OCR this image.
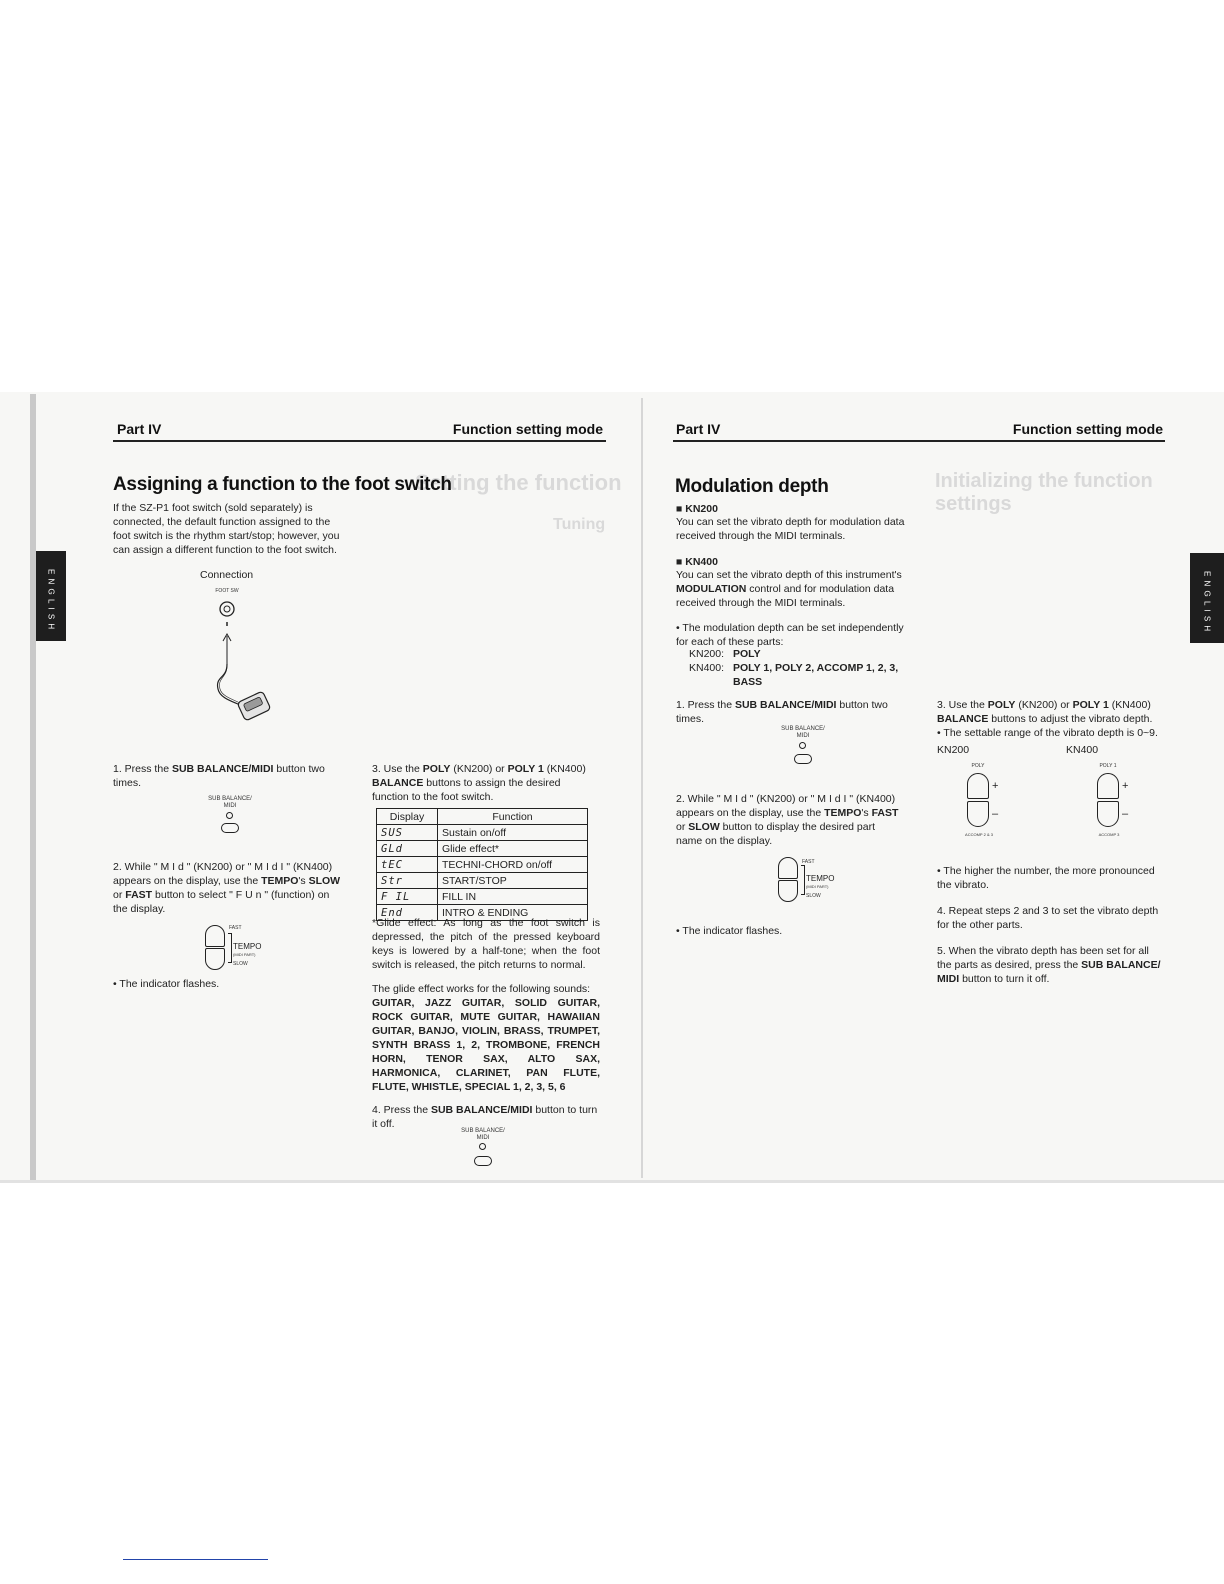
Setting the function
Tuning
Initializing the function settings
E N G L I S H	E N G L I S H
Part IV	Function setting mode
Assigning a function to the foot switch
If the SZ-P1 foot switch (sold separately) is connected, the default function assigned to the foot switch is the rhythm start/stop; however, you can assign a different function to the foot switch.
Connection
FOOT SW
1. Press the SUB BALANCE/MIDI button two times.
SUB BALANCE/ MIDI
2. While " M I d " (KN200) or " M I d I " (KN400) appears on the display, use the TEMPO's SLOW or FAST button to select " F U n " (function) on the display.
FAST
TEMPO
(MIDI PART)
SLOW
• The indicator flashes.
3. Use the POLY (KN200) or POLY 1 (KN400) BALANCE buttons to assign the desired function to the foot switch.
Display	Function
SUS	Sustain on/off
GLd	Glide effect*
tEC	TECHNI-CHORD on/off
Str	START/STOP
F IL	FILL IN
End	INTRO & ENDING
*Glide effect: As long as the foot switch is depressed, the pitch of the pressed keyboard keys is lowered by a half-tone; when the foot switch is released, the pitch returns to normal.
The glide effect works for the following sounds:
GUITAR, JAZZ GUITAR, SOLID GUITAR, ROCK GUITAR, MUTE GUITAR, HAWAIIAN GUITAR, BANJO, VIOLIN, BRASS, TRUMPET, SYNTH BRASS 1, 2, TROMBONE, FRENCH HORN, TENOR SAX, ALTO SAX, HARMONICA, CLARINET, PAN FLUTE, FLUTE, WHISTLE, SPECIAL 1, 2, 3, 5, 6
4. Press the SUB BALANCE/MIDI button to turn it off.
SUB BALANCE/ MIDI
Part IV	Function setting mode
Modulation depth
■ KN200
You can set the vibrato depth for modulation data received through the MIDI terminals.
■ KN400
You can set the vibrato depth of this instrument's MODULATION control and for modulation data received through the MIDI terminals.
• The modulation depth can be set independently for each of these parts:
KN200: POLY
KN400: POLY 1, POLY 2, ACCOMP 1, 2, 3, BASS
1. Press the SUB BALANCE/MIDI button two times.
SUB BALANCE/ MIDI
2. While " M I d " (KN200) or " M I d I " (KN400) appears on the display, use the TEMPO's FAST or SLOW button to display the desired part name on the display.
FAST
TEMPO
(MIDI PART)
SLOW
• The indicator flashes.
3. Use the POLY (KN200) or POLY 1 (KN400) BALANCE buttons to adjust the vibrato depth.
• The settable range of the vibrato depth is 0~9.
KN200	KN400
POLY
+
–
ACCOMP 2 & 3
POLY 1
+
–
ACCOMP 3
• The higher the number, the more pronounced the vibrato.
4. Repeat steps 2 and 3 to set the vibrato depth for the other parts.
5. When the vibrato depth has been set for all the parts as desired, press the SUB BALANCE/ MIDI button to turn it off.
